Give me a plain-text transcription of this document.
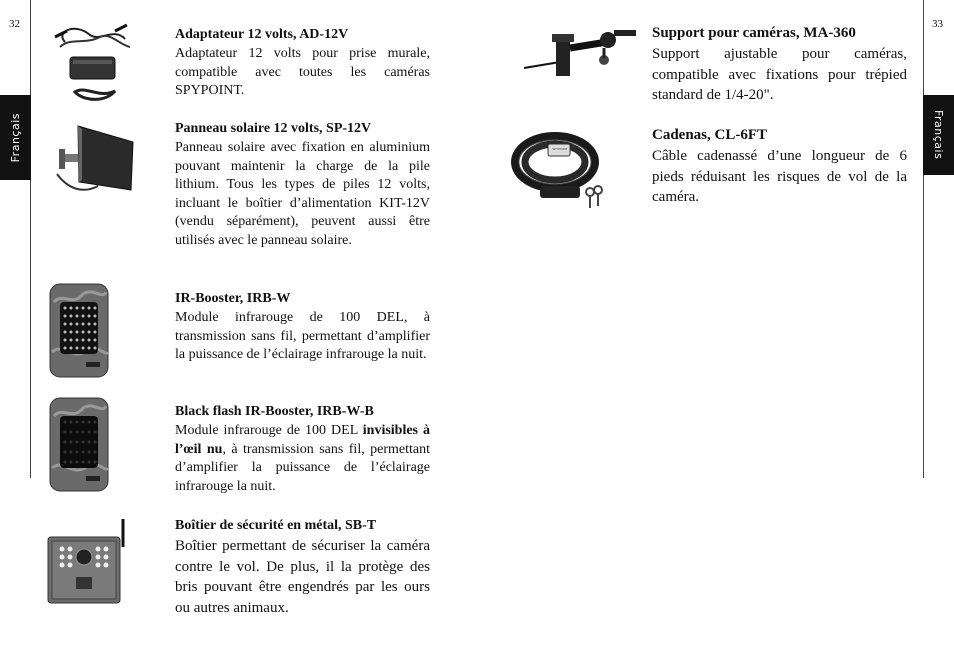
32	33
Français	Français
SPYPOINT
Adaptateur 12 volts, AD-12V

Adaptateur 12 volts pour prise murale, compatible avec toutes les caméras SPYPOINT.

Panneau solaire 12 volts, SP-12V

Panneau solaire avec fixation en aluminium pouvant maintenir la charge de la pile lithium. Tous les types de piles 12 volts, incluant le boîtier d’alimentation KIT-12V (vendu séparément), peuvent aussi être utilisés avec le panneau solaire.

IR-Booster, IRB-W

Module infrarouge de 100 DEL, à transmission sans fil, permettant d’amplifier la puissance de l’éclairage infrarouge la nuit.

Black flash IR-Booster, IRB-W-B

Module infrarouge de 100 DEL invisibles à l’œil nu, à transmission sans fil, permettant d’amplifier la puissance de l’éclairage infrarouge la nuit.

Boîtier de sécurité en métal, SB-T

Boîtier permettant de sécuriser la caméra contre le vol. De plus, il la protège des bris pouvant être engendrés par les ours ou autres animaux.

Support pour caméras, MA-360

Support ajustable pour caméras, compatible avec fixations pour trépied standard de 1/4-20".

Cadenas, CL-6FT

Câble cadenassé d’une longueur de 6 pieds réduisant les risques de vol de la caméra.
